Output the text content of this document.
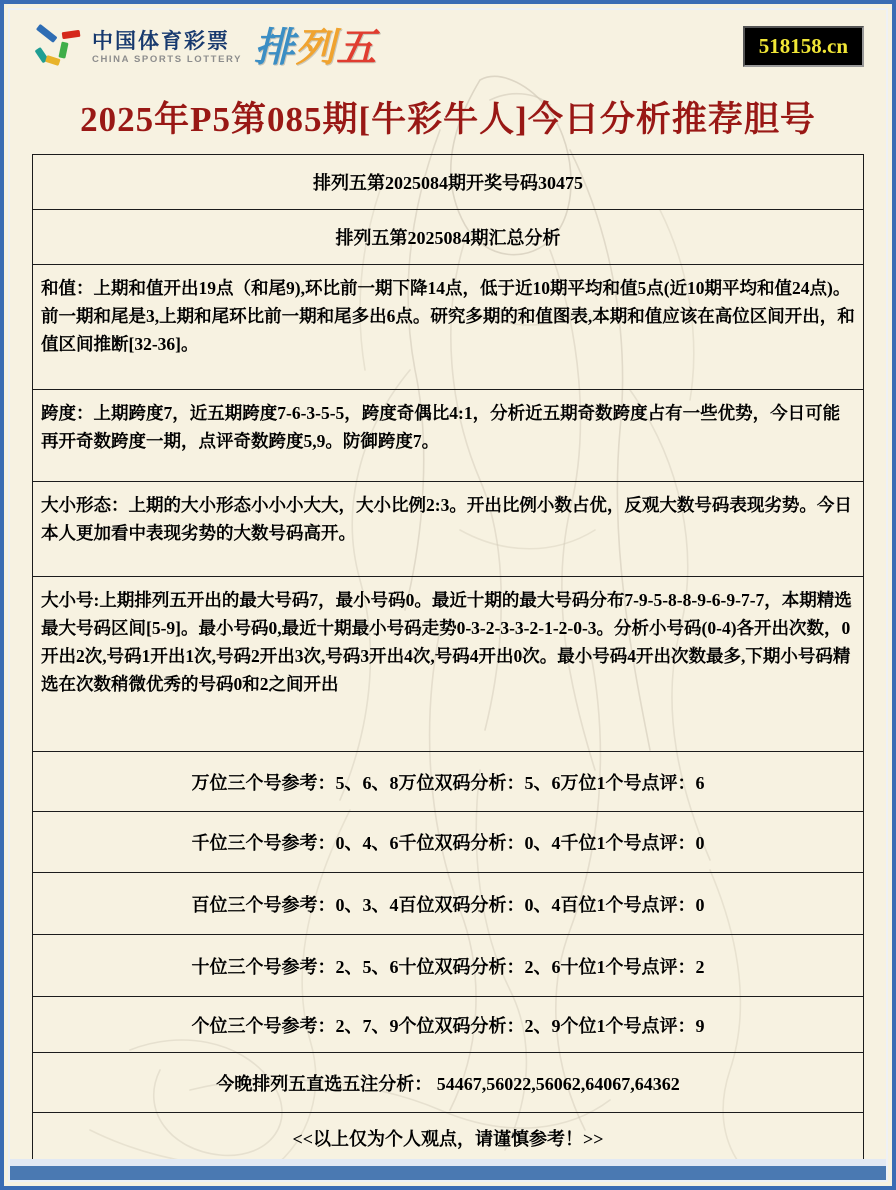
中国体育彩票
CHINA SPORTS LOTTERY 排列五	518158.cn
2025年P5第085期[牛彩牛人]今日分析推荐胆号
排列五第2025084期开奖号码30475
排列五第2025084期汇总分析
和值：上期和值开出19点（和尾9),环比前一期下降14点，低于近10期平均和值5点(近10期平均和值24点)。前一期和尾是3,上期和尾环比前一期和尾多出6点。研究多期的和值图表,本期和值应该在高位区间开出，和值区间推断[32-36]。
跨度：上期跨度7，近五期跨度7-6-3-5-5，跨度奇偶比4:1，分析近五期奇数跨度占有一些优势，今日可能再开奇数跨度一期，点评奇数跨度5,9。防御跨度7。
大小形态：上期的大小形态小小小大大，大小比例2:3。开出比例小数占优，反观大数号码表现劣势。今日本人更加看中表现劣势的大数号码高开。
大小号:上期排列五开出的最大号码7，最小号码0。最近十期的最大号码分布7-9-5-8-8-9-6-9-7-7，本期精选最大号码区间[5-9]。最小号码0,最近十期最小号码走势0-3-2-3-3-2-1-2-0-3。分析小号码(0-4)各开出次数，0开出2次,号码1开出1次,号码2开出3次,号码3开出4次,号码4开出0次。最小号码4开出次数最多,下期小号码精选在次数稍微优秀的号码0和2之间开出
万位三个号参考：5、6、8万位双码分析：5、6万位1个号点评：6
千位三个号参考：0、4、6千位双码分析：0、4千位1个号点评：0
百位三个号参考：0、3、4百位双码分析：0、4百位1个号点评：0
十位三个号参考：2、5、6十位双码分析：2、6十位1个号点评：2
个位三个号参考：2、7、9个位双码分析：2、9个位1个号点评：9
今晚排列五直选五注分析： 54467,56022,56062,64067,64362
<<以上仅为个人观点，请谨慎参考！>>
